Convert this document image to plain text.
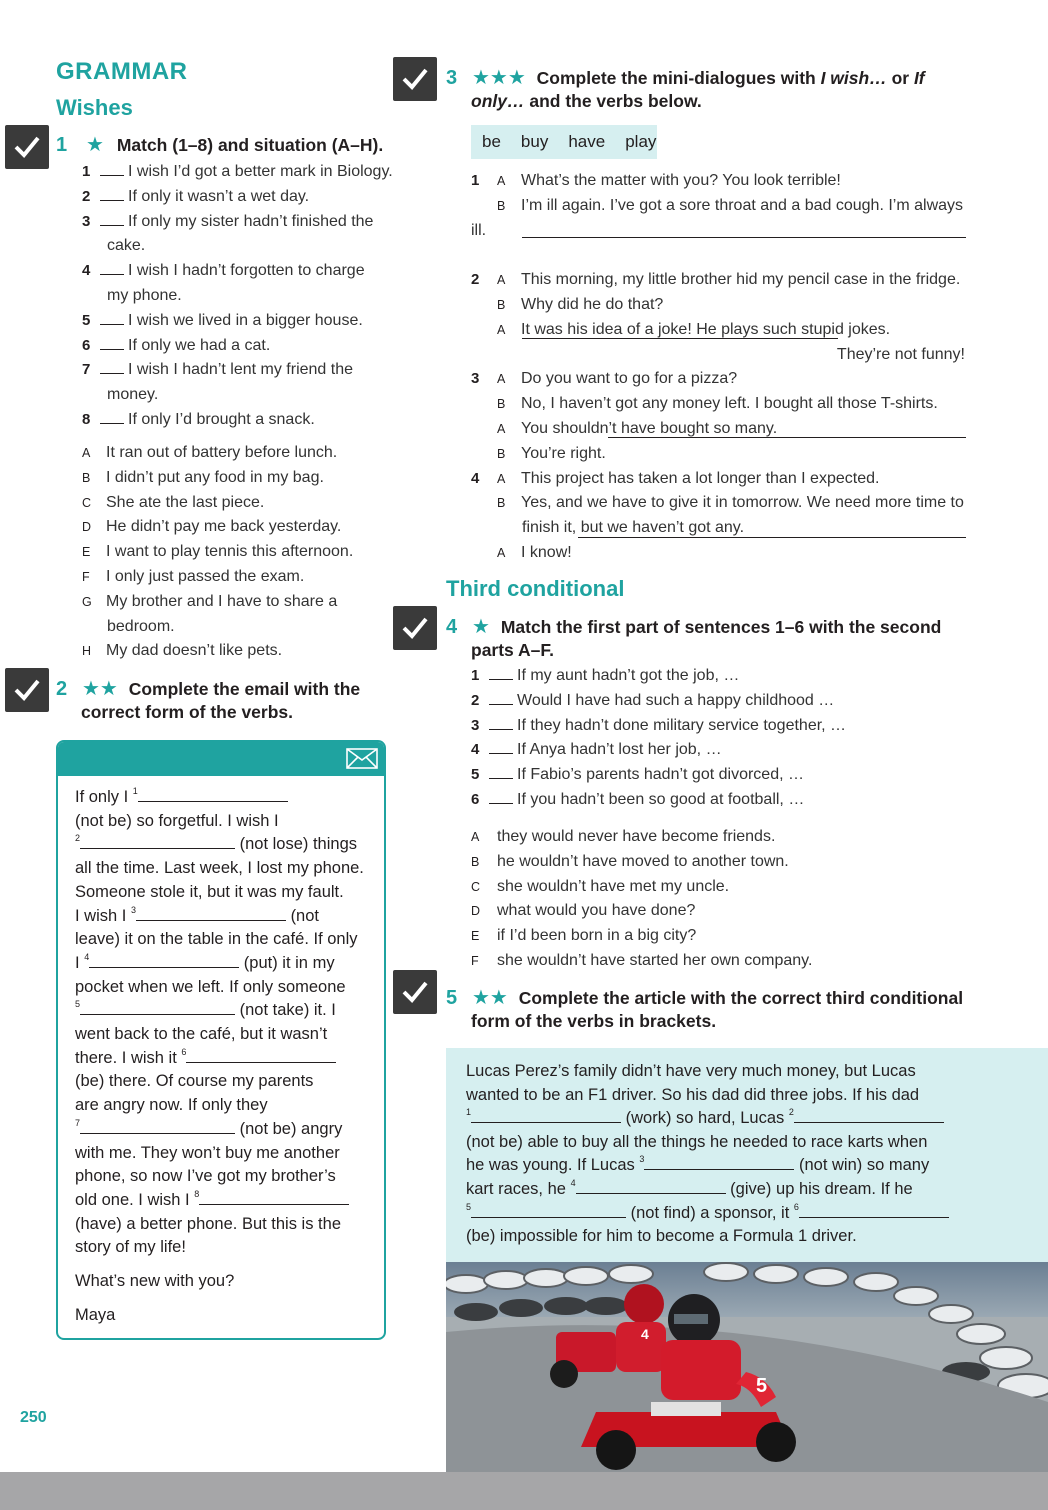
GRAMMAR
Wishes
1 ★ Match (1–8) and situation (A–H).
1 I wish I’d got a better mark in Biology.
2 If only it wasn’t a wet day.
3 If only my sister hadn’t finished the
cake.
4 I wish I hadn’t forgotten to charge
my phone.
5 I wish we lived in a bigger house.
6 If only we had a cat.
7 I wish I hadn’t lent my friend the
money.
8 If only I’d brought a snack.
A It ran out of battery before lunch.
B I didn’t put any food in my bag.
C She ate the last piece.
D He didn’t pay me back yesterday.
E I want to play tennis this afternoon.
F I only just passed the exam.
G My brother and I have to share a
bedroom.
H My dad doesn’t like pets.
2 ★★ Complete the email with the
correct form of the verbs.
If only I $^1$
(not be) so forgetful. I wish I
$^2$	(not lose) things
all the time. Last week, I lost my phone.
Someone stole it, but it was my fault.
I wish I $^3$	(not
leave) it on the table in the café. If only
I $^4$	(put) it in my
pocket when we left. If only someone
$^5$	(not take) it. I
went back to the café, but it wasn’t
there. I wish it $^6$
(be) there. Of course my parents
are angry now. If only they
$^7$	(not be) angry
with me. They won’t buy me another
phone, so now I’ve got my brother’s
old one. I wish I $^8$
(have) a better phone. But this is the
story of my life!
What’s new with you?
Maya
250
3 ★★★ Complete the mini-dialogues with I wish… or If
only… and the verbs below.
be buy have play
1 A What’s the matter with you? You look terrible!
B I’m ill again. I’ve got a sore throat and a bad cough. I’m always ill.
2 A This morning, my little brother hid my pencil case in the fridge.
B Why did he do that?
A It was his idea of a joke! He plays such stupid jokes.
They’re not funny!
3 A Do you want to go for a pizza?
B No, I haven’t got any money left. I bought all those T-shirts.
A You shouldn’t have bought so many.
B You’re right.
4 A This project has taken a lot longer than I expected.
B Yes, and we have to give it in tomorrow. We need more time to
finish it, but we haven’t got any.
A I know!
Third conditional
4 ★ Match the first part of sentences 1–6 with the second
parts A–F.
1 If my aunt hadn’t got the job, …
2 Would I have had such a happy childhood …
3 If they hadn’t done military service together, …
4 If Anya hadn’t lost her job, …
5 If Fabio’s parents hadn’t got divorced, …
6 If you hadn’t been so good at football, …
A they would never have become friends.
B he wouldn’t have moved to another town.
C she wouldn’t have met my uncle.
D what would you have done?
E if I’d been born in a big city?
F she wouldn’t have started her own company.
5 ★★ Complete the article with the correct third conditional
form of the verbs in brackets.
Lucas Perez’s family didn’t have very much money, but Lucas
wanted to be an F1 driver. So his dad did three jobs. If his dad
$^1$	(work) so hard, Lucas $^2$
(not be) able to buy all the things he needed to race karts when
he was young. If Lucas $^3$	(not win) so many
kart races, he $^4$	(give) up his dream. If he
$^5$	(not find) a sponsor, it $^6$
(be) impossible for him to become a Formula 1 driver.
4
5
